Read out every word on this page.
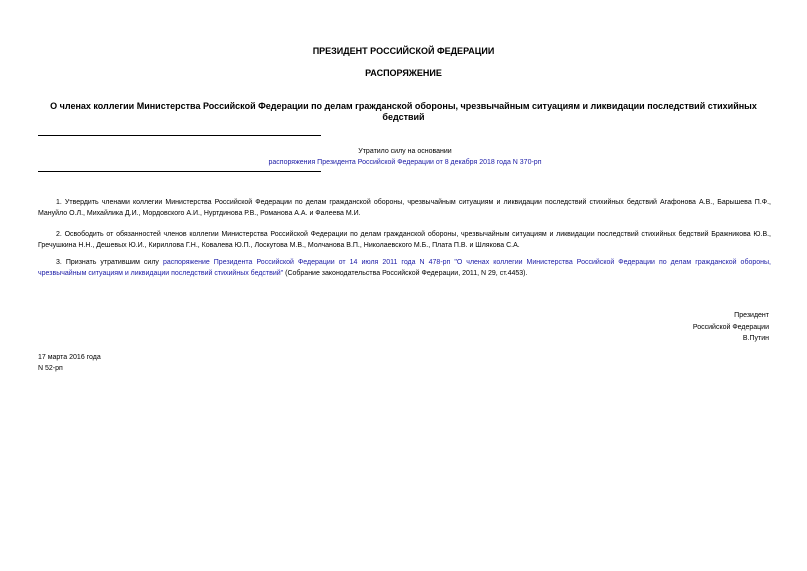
ПРЕЗИДЕНТ РОССИЙСКОЙ ФЕДЕРАЦИИ
РАСПОРЯЖЕНИЕ
О членах коллегии Министерства Российской Федерации по делам гражданской обороны, чрезвычайным ситуациям и ликвидации последствий стихийных бедствий
Утратило силу на основании
распоряжения Президента Российской Федерации от 8 декабря 2018 года N 370-рп

1. Утвердить членами коллегии Министерства Российской Федерации по делам гражданской обороны, чрезвычайным ситуациям и ликвидации последствий стихийных бедствий Агафонова А.В., Барышева П.Ф., Мануйло О.Л., Михайлика Д.И., Мордовского А.И., Нуртдинова Р.В., Романова А.А. и Фалеева М.И.

2. Освободить от обязанностей членов коллегии Министерства Российской Федерации по делам гражданской обороны, чрезвычайным ситуациям и ликвидации последствий стихийных бедствий Бражникова Ю.В., Гречушкина Н.Н., Дешевых Ю.И., Кириллова Г.Н., Ковалева Ю.П., Лоскутова М.В., Молчанова В.П., Николаевского М.Б., Плата П.В. и Шлякова С.А.

3. Признать утратившим силу распоряжение Президента Российской Федерации от 14 июля 2011 года N 478-рп "О членах коллегии Министерства Российской Федерации по делам гражданской обороны, чрезвычайным ситуациям и ликвидации последствий стихийных бедствий" (Собрание законодательства Российской Федерации, 2011, N 29, ст.4453).

Президент
Российской Федерации
В.Путин
17 марта 2016 года
N 52-рп
